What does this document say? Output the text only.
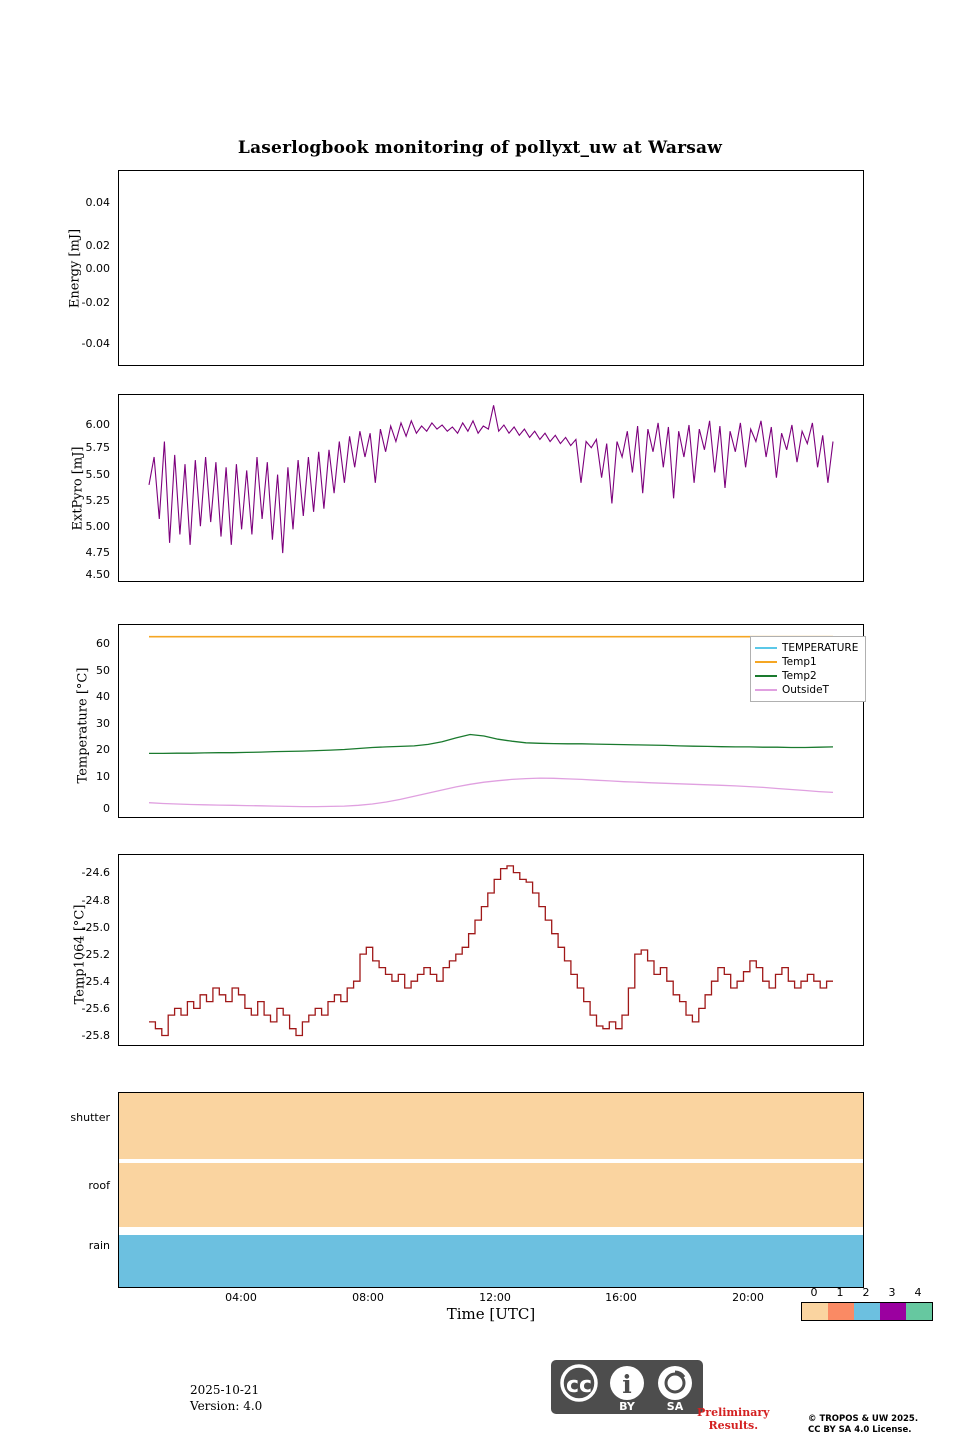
Laserlogbook monitoring of pollyxt_uw at Warsaw
Energy [mJ]
0.04
0.02
0.00
-0.02
-0.04
ExtPyro [mJ]
6.00
5.75
5.50
5.25
5.00
4.75
4.50
Temperature [°C]
60
50
40
30
20
10
0
TEMPERATURE
Temp1
Temp2
OutsideT
Temp1064 [°C]
-24.6
-24.8
-25.0
-25.2
-25.4
-25.6
-25.8
shutter
roof
rain
04:00	08:00	12:00	16:00	20:00
Time [UTC]
0	1	2	3	4
2025-10-21
Version: 4.0
cc i
BY	SA Preliminary
Results.	© TROPOS & UW 2025.
CC BY SA 4.0 License.
